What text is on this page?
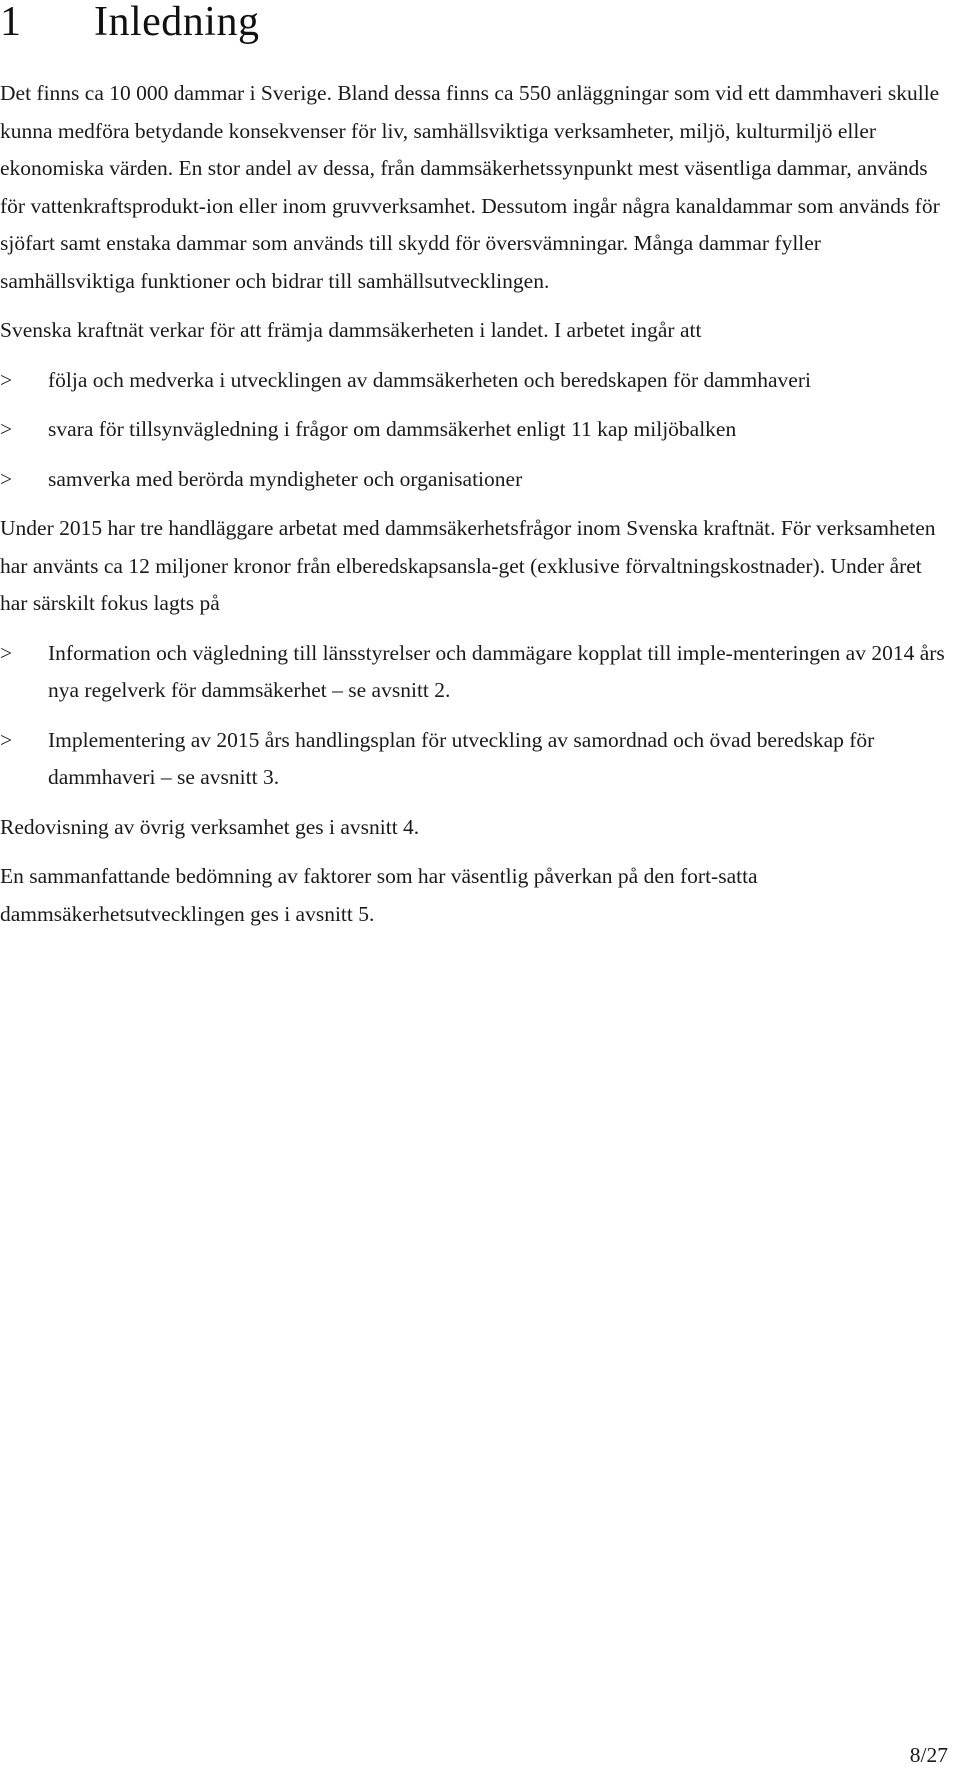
1 Inledning

Det finns ca 10 000 dammar i Sverige. Bland dessa finns ca 550 anläggningar som vid ett dammhaveri skulle kunna medföra betydande konsekvenser för liv, samhällsviktiga verksamheter, miljö, kulturmiljö eller ekonomiska värden. En stor andel av dessa, från dammsäkerhetssynpunkt mest väsentliga dammar, används för vattenkraftsprodukt-ion eller inom gruvverksamhet. Dessutom ingår några kanaldammar som används för sjöfart samt enstaka dammar som används till skydd för översvämningar. Många dammar fyller samhällsviktiga funktioner och bidrar till samhällsutvecklingen.

Svenska kraftnät verkar för att främja dammsäkerheten i landet. I arbetet ingår att

>	följa och medverka i utvecklingen av dammsäkerheten och beredskapen för dammhaveri
>	svara för tillsynvägledning i frågor om dammsäkerhet enligt 11 kap miljöbalken
>	samverka med berörda myndigheter och organisationer

Under 2015 har tre handläggare arbetat med dammsäkerhetsfrågor inom Svenska kraftnät. För verksamheten har använts ca 12 miljoner kronor från elberedskapsansla-get (exklusive förvaltningskostnader). Under året har särskilt fokus lagts på

>	Information och vägledning till länsstyrelser och dammägare kopplat till imple-menteringen av 2014 års nya regelverk för dammsäkerhet – se avsnitt 2.
>	Implementering av 2015 års handlingsplan för utveckling av samordnad och övad beredskap för dammhaveri – se avsnitt 3.

Redovisning av övrig verksamhet ges i avsnitt 4.

En sammanfattande bedömning av faktorer som har väsentlig påverkan på den fort-satta dammsäkerhetsutvecklingen ges i avsnitt 5.

8/27
